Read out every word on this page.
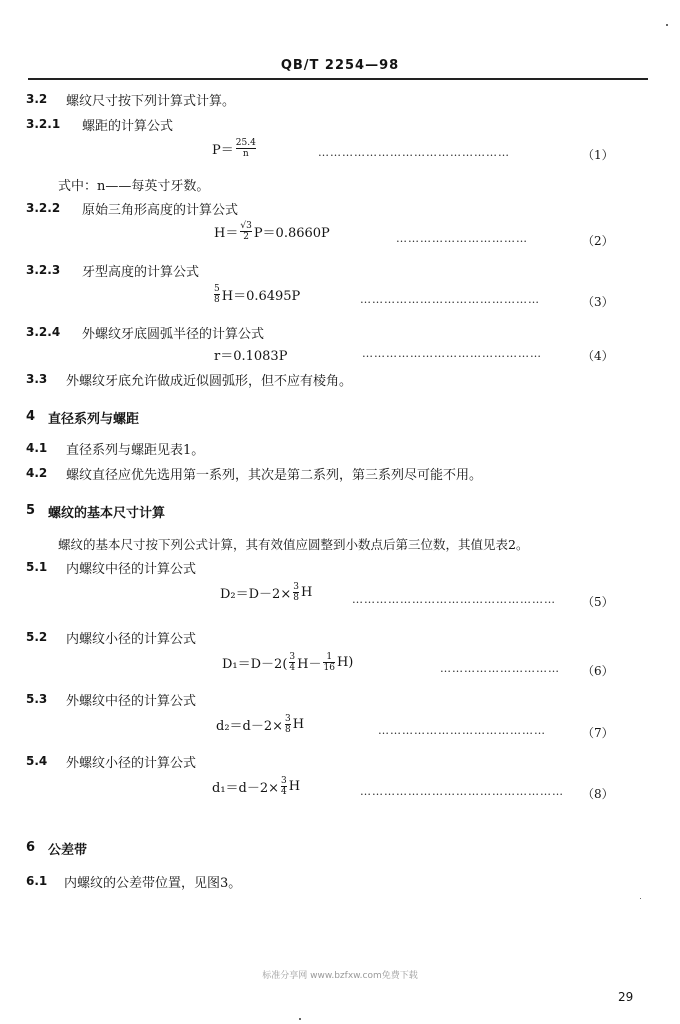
QB/T 2254—98
3.2 螺纹尺寸按下列计算式计算。
3.2.1 螺距的计算公式
$P= \frac{25.4}{n}$	…………………………………………	（1）
式中：n——每英寸牙数。
3.2.2 原始三角形高度的计算公式
$H= \frac{√3}{2} P=0.8660P$	……………………………	（2）
3.2.3 牙型高度的计算公式
$\frac{5}{8} H=0.6495P$	………………………………………	（3）
3.2.4 外螺纹牙底圆弧半径的计算公式
r＝0.1083P	………………………………………	（4）
3.3 外螺纹牙底允许做成近似圆弧形，但不应有棱角。
4 直径系列与螺距
4.1 直径系列与螺距见表1。
4.2 螺纹直径应优先选用第一系列，其次是第二系列，第三系列尽可能不用。
5 螺纹的基本尺寸计算
螺纹的基本尺寸按下列公式计算，其有效值应圆整到小数点后第三位数，其值见表2。
5.1 内螺纹中径的计算公式
$D_2=D-2\times \frac{3}{8}$ H	…………………………………………… （5）
5.2 内螺纹小径的计算公式
$D_1=D-2( \frac{3}{4} H- \frac{1}{16} H)$	………………………… （6）
5.3 外螺纹中径的计算公式
$d_2=d-2\times \frac{3}{8}$ H	……………………………………	（7）
5.4 外螺纹小径的计算公式
$d_1=d-2\times \frac{3}{4}$ H	…………………………………………… （8）
6 公差带
6.1 内螺纹的公差带位置，见图3。
标准分享网 www.bzfxw.com免费下载
29
